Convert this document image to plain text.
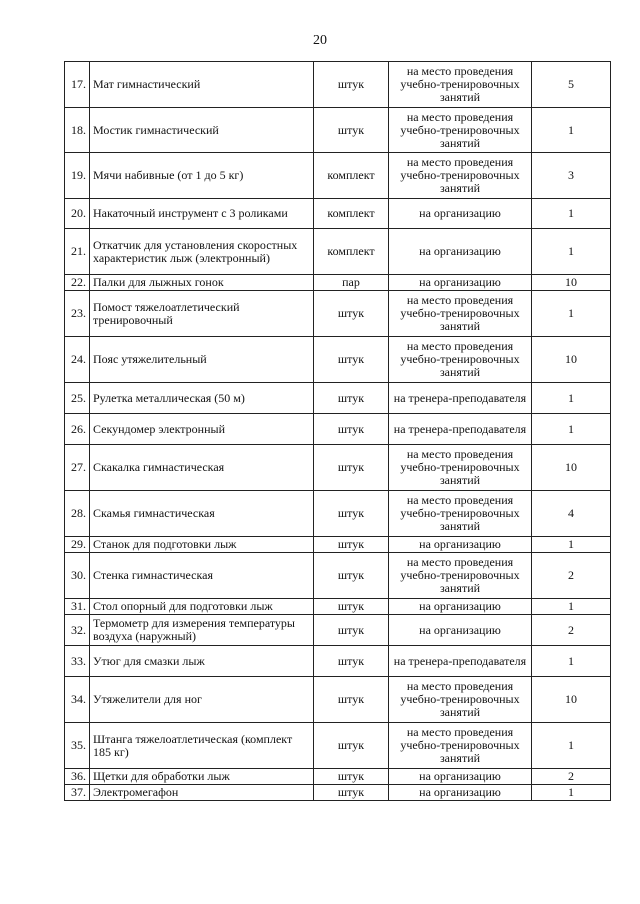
20
17.	Мат гимнастический	штук	на место проведения учебно-тренировочных занятий	5
18.	Мостик гимнастический	штук	на место проведения учебно-тренировочных занятий	1
19.	Мячи набивные (от 1 до 5 кг)	комплект	на место проведения учебно-тренировочных занятий	3
20.	Накаточный инструмент с 3 роликами	комплект	на организацию	1
21.	Откатчик для установления скоростных характеристик лыж (электронный)	комплект	на организацию	1
22.	Палки для лыжных гонок	пар	на организацию	10
23.	Помост тяжелоатлетический тренировочный	штук	на место проведения учебно-тренировочных занятий	1
24.	Пояс утяжелительный	штук	на место проведения учебно-тренировочных занятий	10
25.	Рулетка металлическая (50 м)	штук	на тренера-преподавателя	1
26.	Секундомер электронный	штук	на тренера-преподавателя	1
27.	Скакалка гимнастическая	штук	на место проведения учебно-тренировочных занятий	10
28.	Скамья гимнастическая	штук	на место проведения учебно-тренировочных занятий	4
29.	Станок для подготовки лыж	штук	на организацию	1
30.	Стенка гимнастическая	штук	на место проведения учебно-тренировочных занятий	2
31.	Стол опорный для подготовки лыж	штук	на организацию	1
32.	Термометр для измерения температуры воздуха (наружный)	штук	на организацию	2
33.	Утюг для смазки лыж	штук	на тренера-преподавателя	1
34.	Утяжелители для ног	штук	на место проведения учебно-тренировочных занятий	10
35.	Штанга тяжелоатлетическая (комплект 185 кг)	штук	на место проведения учебно-тренировочных занятий	1
36.	Щетки для обработки лыж	штук	на организацию	2
37.	Электромегафон	штук	на организацию	1
